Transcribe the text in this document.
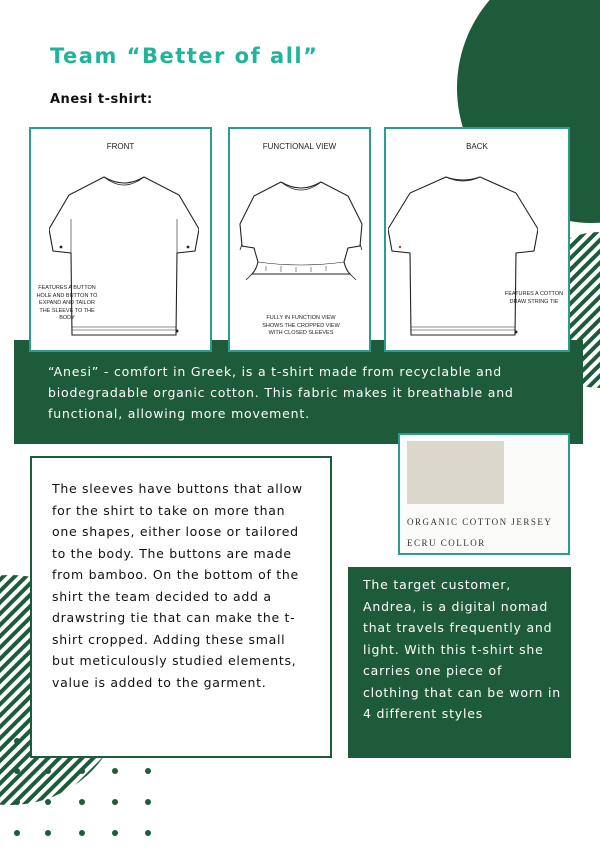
Team “Better of all”
Anesi t-shirt:
FRONT
FEATURES A BUTTON HOLE AND BUTTON TO EXPAND AND TAILOR THE SLEEVE TO THE BODY
FUNCTIONAL VIEW
FULLY IN FUNCTION VIEW SHOWS THE CROPPED VIEW WITH CLOSED SLEEVES
BACK
FEATURES A COTTON DRAW STRING TIE
“Anesi” - comfort in Greek, is a t-shirt made from recyclable and biodegradable organic cotton. This fabric makes it breathable and functional, allowing more movement.
The sleeves have buttons that allow for the shirt to take on more than one shapes, either loose or tailored to the body. The buttons are made from bamboo. On the bottom of the shirt the team decided to add a drawstring tie that can make the t-shirt cropped. Adding these small but meticulously studied elements, value is added to the garment.
ORGANIC COTTON JERSEY
ECRU COLLOR
The target customer, Andrea, is a digital nomad that travels frequently and light. With this t-shirt she carries one piece of clothing that can be worn in 4 different styles
